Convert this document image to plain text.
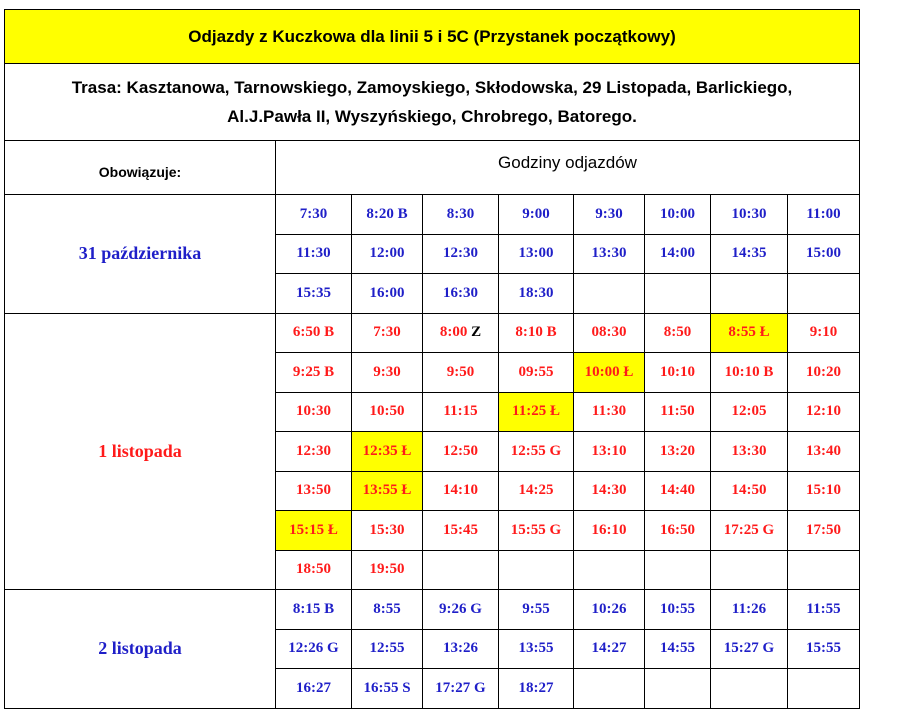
Odjazdy z Kuczkowa dla linii 5 i 5C (Przystanek początkowy)								

Trasa: Kasztanowa, Tarnowskiego, Zamoyskiego, Skłodowska, 29 Listopada, Barlickiego,
Al.J.Pawła II, Wyszyńskiego, Chrobrego, Batorego.								

Obowiązuje:	Godziny odjazdów							
31 października	7:30	8:20 B	8:30	9:00	9:30	10:00	10:30	11:00
	11:30	12:00	12:30	13:00	13:30	14:00	14:35	15:00
	15:35	16:00	16:30	18:30				
1 listopada	6:50 B	7:30	8:00 Z	8:10 B	08:30	8:50	8:55 Ł	9:10
	9:25 B	9:30	9:50	09:55	10:00 Ł	10:10	10:10 B	10:20
	10:30	10:50	11:15	11:25 Ł	11:30	11:50	12:05	12:10
	12:30	12:35 Ł	12:50	12:55 G	13:10	13:20	13:30	13:40
	13:50	13:55 Ł	14:10	14:25	14:30	14:40	14:50	15:10
	15:15 Ł	15:30	15:45	15:55 G	16:10	16:50	17:25 G	17:50
	18:50	19:50						
2 listopada	8:15 B	8:55	9:26 G	9:55	10:26	10:55	11:26	11:55
	12:26 G	12:55	13:26	13:55	14:27	14:55	15:27 G	15:55
	16:27	16:55 S	17:27 G	18:27				
